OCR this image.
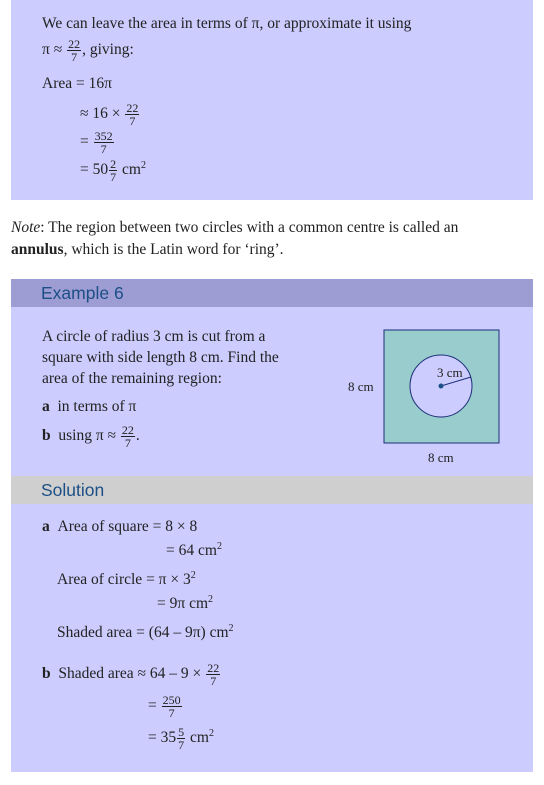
We can leave the area in terms of π, or approximate it using
$\pi \approx \frac{22}{7}$ , giving:
Area = 16π
≈ $16 \times \frac{22}{7}$
= $\frac{352}{7}$
= $50 \frac{2}{7} cm^2$
Note: The region between two circles with a common centre is called an
annulus, which is the Latin word for ‘ring’.
Example 6
A circle of radius 3 cm is cut from a
square with side length 8 cm. Find the
area of the remaining region:
a in terms of π
b using $\pi \approx \frac{22}{7}$ .
3 cm
8 cm
8 cm
Solution
a Area of square = 8 × 8
= 64 $cm^2$
Area of circle = $\pi \times 3^2$
= 9π $cm^2$
Shaded area = (64 – 9π) $cm^2$
b Shaded area ≈ $64 - 9 \times \frac{22}{7}$
= $\frac{250}{7}$
= $35 \frac{5}{7} cm^2$
